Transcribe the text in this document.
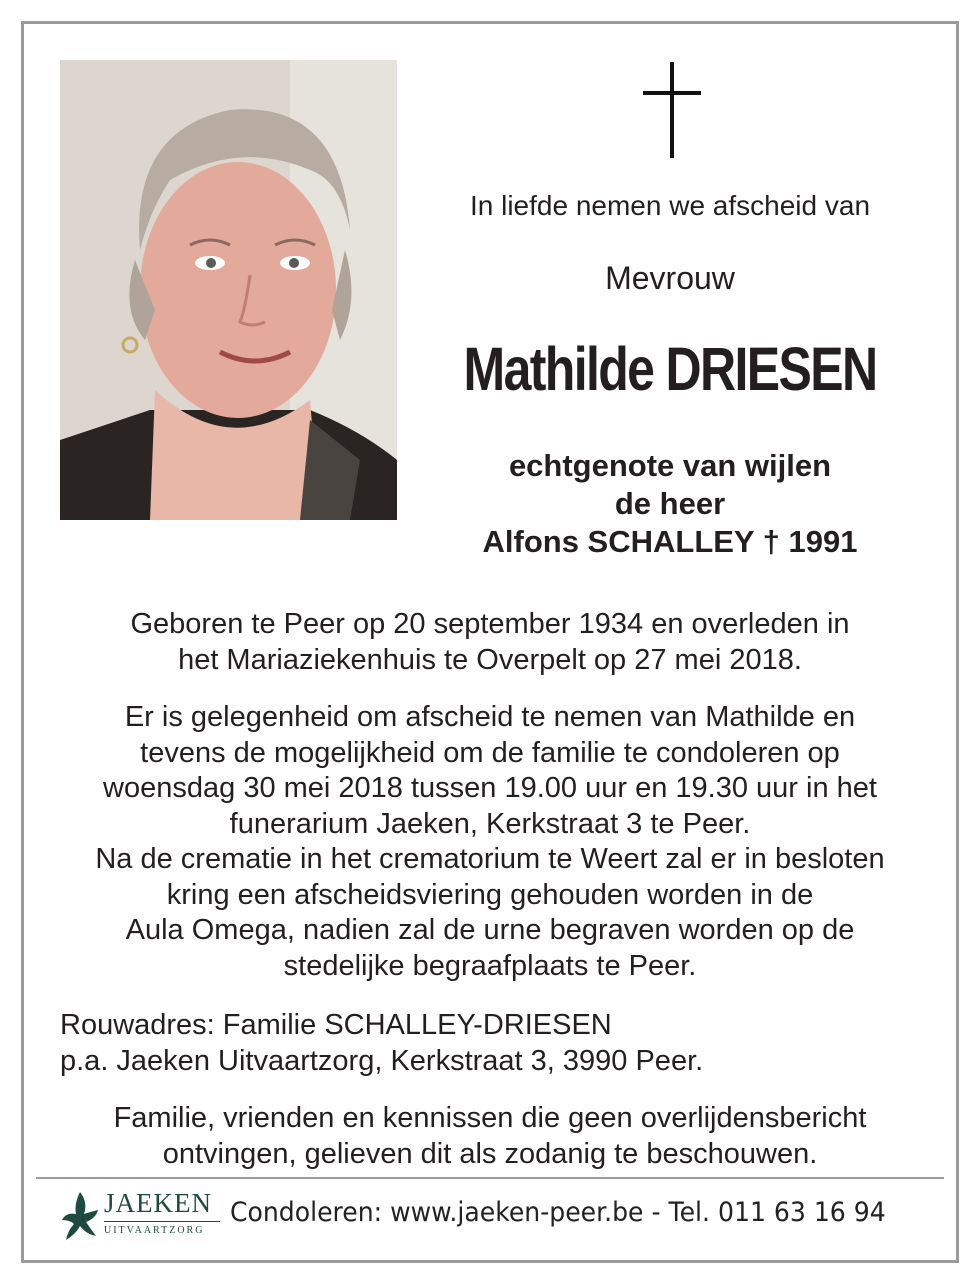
In liefde nemen we afscheid van
Mevrouw
Mathilde DRIESEN
echtgenote van wijlen
de heer
Alfons SCHALLEY † 1991
Geboren te Peer op 20 september 1934 en overleden in
het Mariaziekenhuis te Overpelt op 27 mei 2018.
Er is gelegenheid om afscheid te nemen van Mathilde en
tevens de mogelijkheid om de familie te condoleren op
woensdag 30 mei 2018 tussen 19.00 uur en 19.30 uur in het
funerarium Jaeken, Kerkstraat 3 te Peer.
Na de crematie in het crematorium te Weert zal er in besloten
kring een afscheidsviering gehouden worden in de
Aula Omega, nadien zal de urne begraven worden op de
stedelijke begraafplaats te Peer.
Rouwadres: Familie SCHALLEY-DRIESEN
p.a. Jaeken Uitvaartzorg, Kerkstraat 3, 3990 Peer.
Familie, vrienden en kennissen die geen overlijdensbericht
ontvingen, gelieven dit als zodanig te beschouwen.
JAEKEN
UITVAARTZORG
Condoleren: www.jaeken-peer.be - Tel. 011 63 16 94
